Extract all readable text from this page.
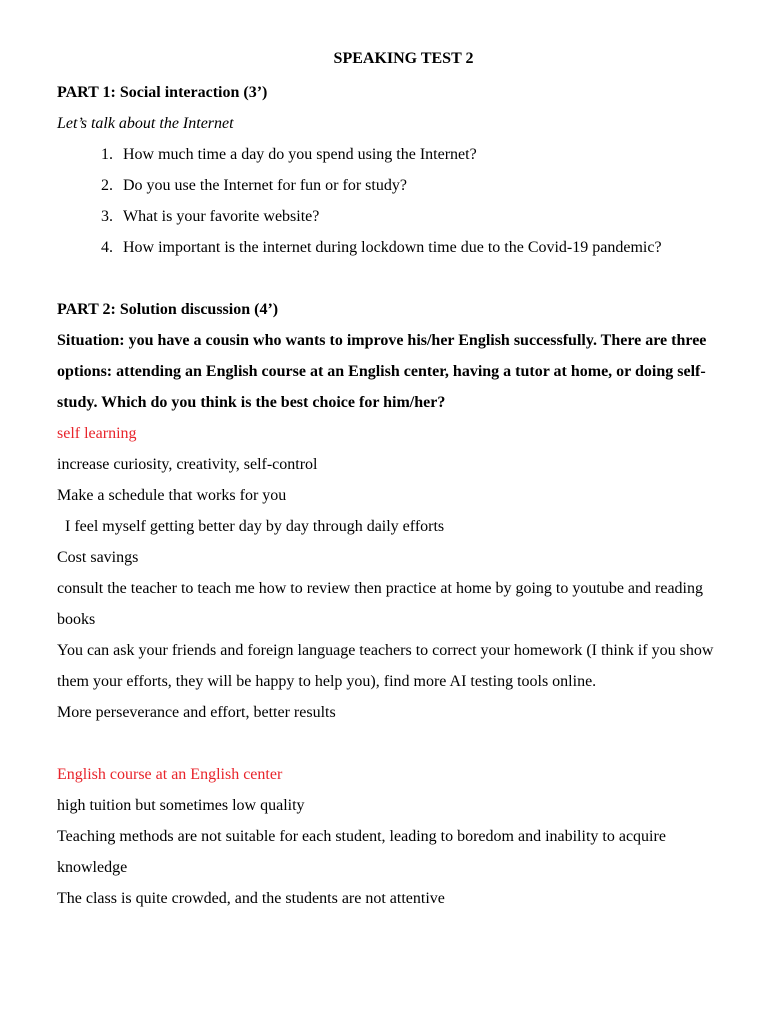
SPEAKING TEST 2

PART 1: Social interaction (3’)

Let’s talk about the Internet

1. How much time a day do you spend using the Internet?
2. Do you use the Internet for fun or for study?
3. What is your favorite website?
4. How important is the internet during lockdown time due to the Covid-19 pandemic?

PART 2: Solution discussion (4’)

Situation: you have a cousin who wants to improve his/her English successfully. There are three options: attending an English course at an English center, having a tutor at home, or doing self-study. Which do you think is the best choice for him/her?

self learning

increase curiosity, creativity, self-control

Make a schedule that works for you

I feel myself getting better day by day through daily efforts

Cost savings

consult the teacher to teach me how to review then practice at home by going to youtube and reading books

You can ask your friends and foreign language teachers to correct your homework (I think if you show them your efforts, they will be happy to help you), find more AI testing tools online.

More perseverance and effort, better results

English course at an English center

high tuition but sometimes low quality

Teaching methods are not suitable for each student, leading to boredom and inability to acquire knowledge

The class is quite crowded, and the students are not attentive
